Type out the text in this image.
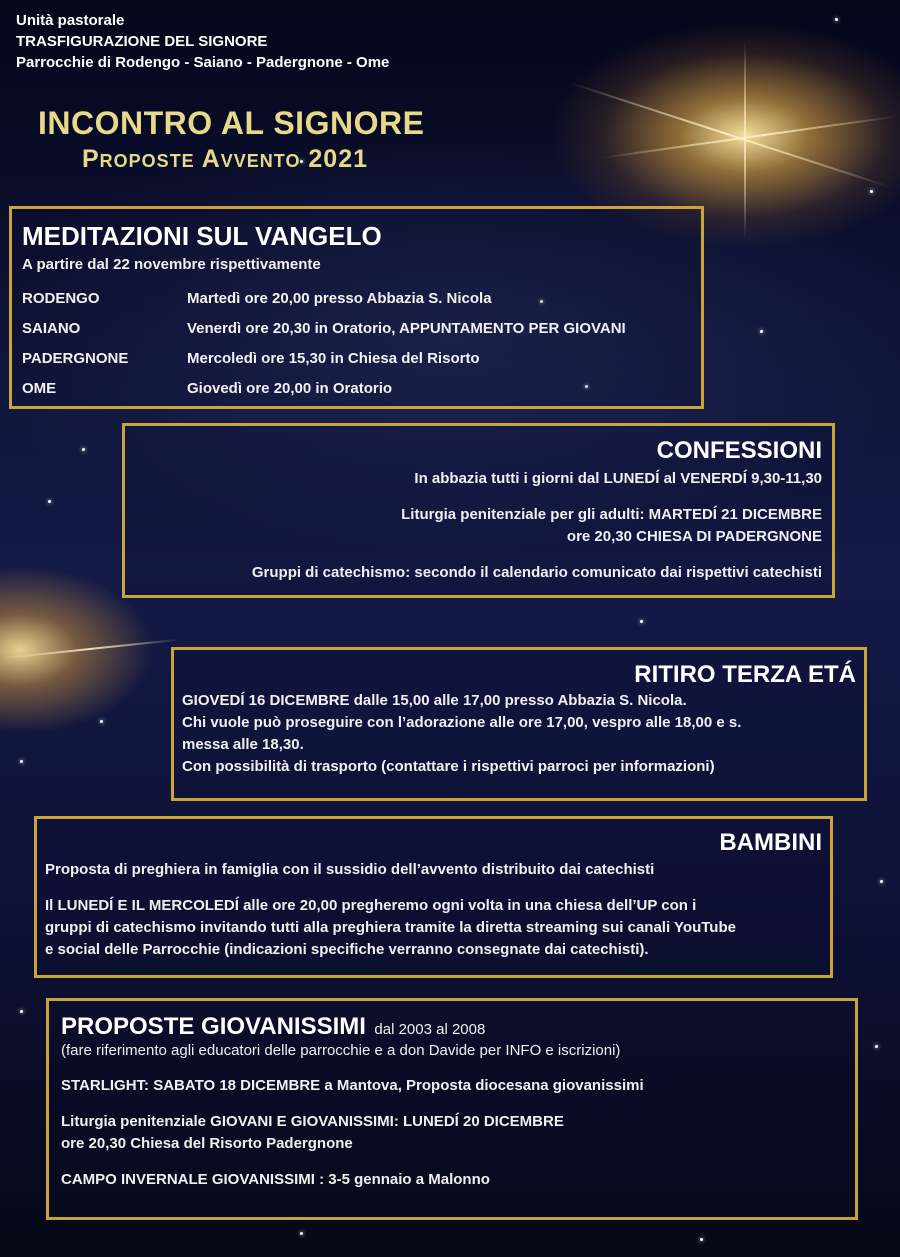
Unità pastorale
TRASFIGURAZIONE DEL SIGNORE
Parrocchie di Rodengo - Saiano - Padergnone - Ome
INCONTRO AL SIGNORE
Proposte Avvento 2021
MEDITAZIONI SUL VANGELO
A partire dal 22 novembre rispettivamente
RODENGO	Martedì ore 20,00 presso Abbazia S. Nicola
SAIANO	Venerdì ore 20,30 in Oratorio, APPUNTAMENTO PER GIOVANI
PADERGNONE	Mercoledì ore 15,30 in Chiesa del Risorto
OME	Giovedì ore 20,00 in Oratorio
CONFESSIONI
In abbazia tutti i giorni dal LUNEDÍ al VENERDÍ 9,30-11,30
Liturgia penitenziale per gli adulti: MARTEDÍ 21 DICEMBRE
ore 20,30 CHIESA DI PADERGNONE
Gruppi di catechismo: secondo il calendario comunicato dai rispettivi catechisti
RITIRO TERZA ETÁ
GIOVEDÍ 16 DICEMBRE dalle 15,00 alle 17,00 presso Abbazia S. Nicola.
Chi vuole può proseguire con l’adorazione alle ore 17,00, vespro alle 18,00 e s.
messa alle 18,30.
Con possibilità di trasporto (contattare i rispettivi parroci per informazioni)
BAMBINI
Proposta di preghiera in famiglia con il sussidio dell’avvento distribuito dai catechisti
Il LUNEDÍ E IL MERCOLEDÍ alle ore 20,00 pregheremo ogni volta in una chiesa dell’UP con i
gruppi di catechismo invitando tutti alla preghiera tramite la diretta streaming sui canali YouTube
e social delle Parrocchie (indicazioni specifiche verranno consegnate dai catechisti).
PROPOSTE GIOVANISSIMI dal 2003 al 2008
(fare riferimento agli educatori delle parrocchie e a don Davide per INFO e iscrizioni)
STARLIGHT: SABATO 18 DICEMBRE a Mantova, Proposta diocesana giovanissimi
Liturgia penitenziale GIOVANI E GIOVANISSIMI: LUNEDÍ 20 DICEMBRE
ore 20,30 Chiesa del Risorto Padergnone
CAMPO INVERNALE GIOVANISSIMI : 3-5 gennaio a Malonno
